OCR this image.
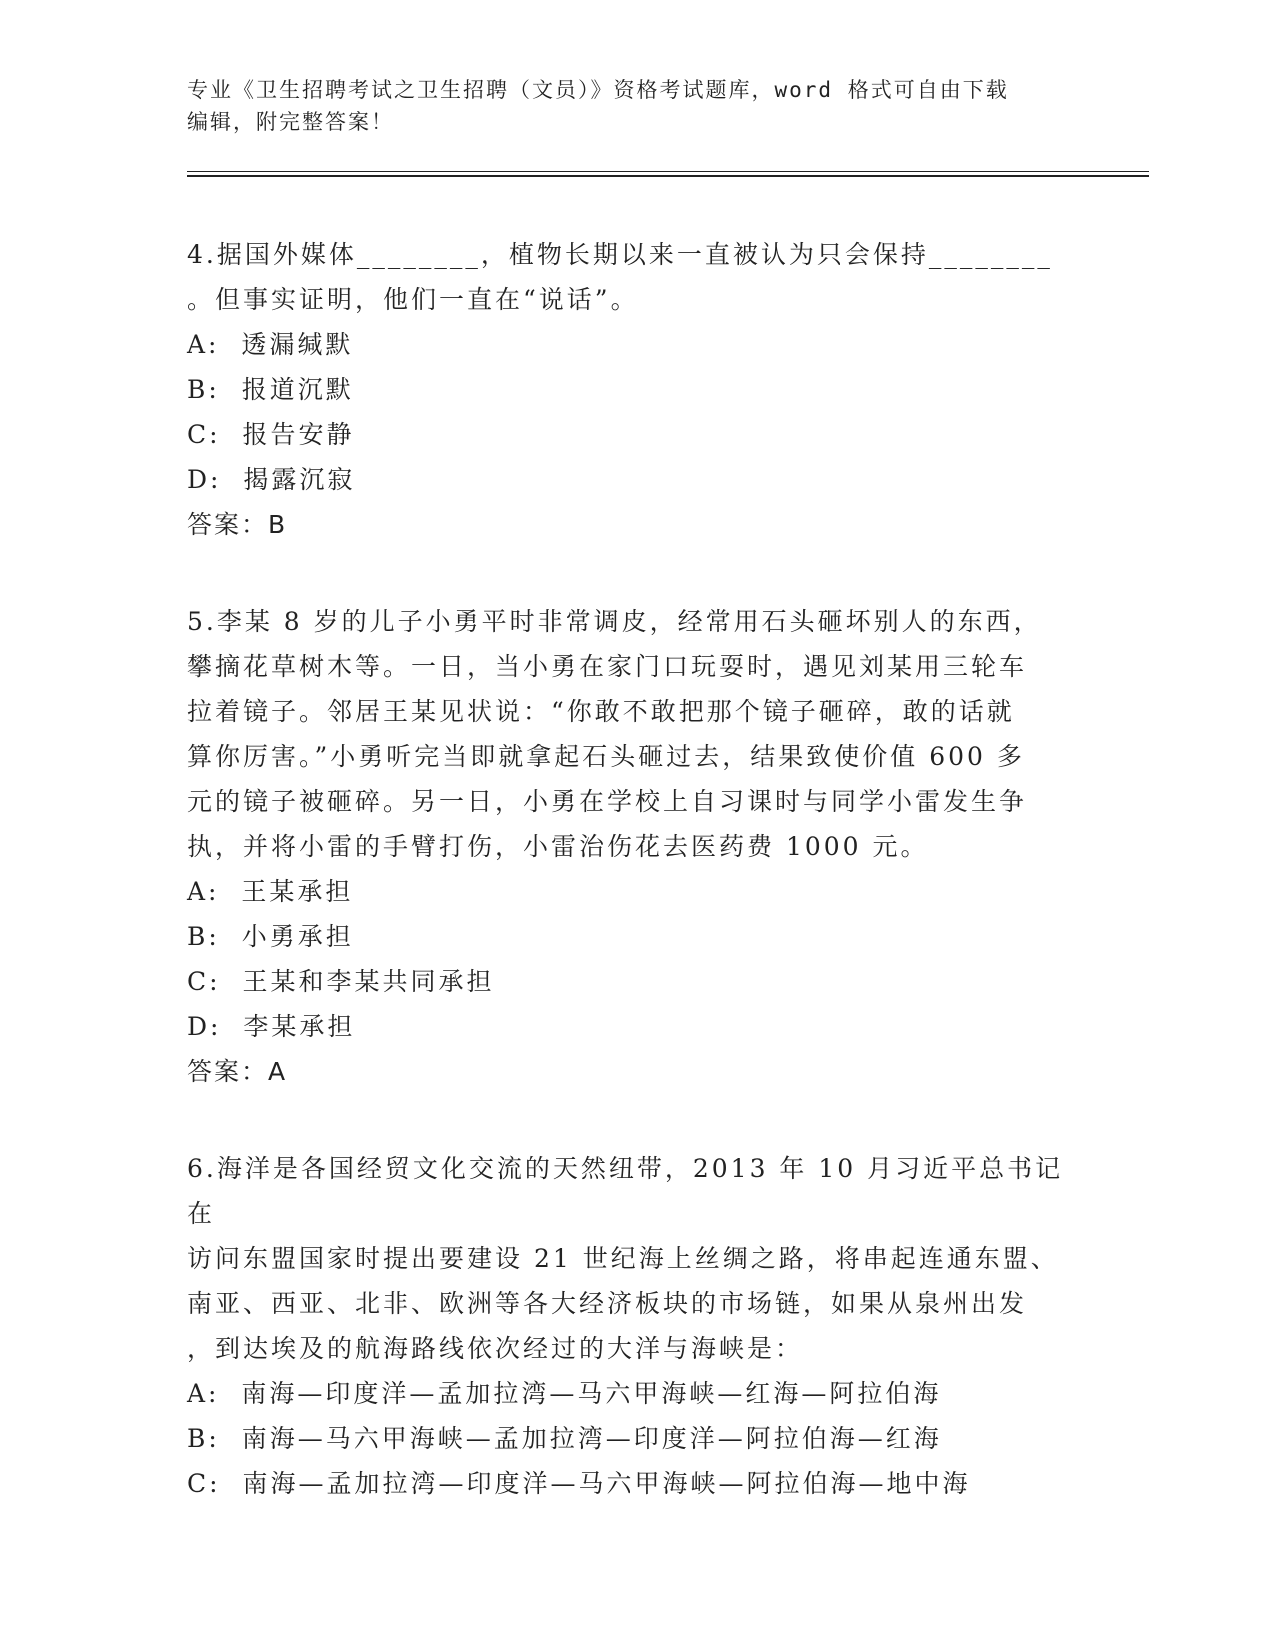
专业《卫生招聘考试之卫生招聘（文员）》资格考试题库，word 格式可自由下载
编辑，附完整答案！

4.据国外媒体________，植物长期以来一直被认为只会保持________

。但事实证明，他们一直在“说话”。

A:  透漏缄默

B:  报道沉默

C:  报告安静

D:  揭露沉寂

答案：B

5.李某 8 岁的儿子小勇平时非常调皮，经常用石头砸坏别人的东西，

攀摘花草树木等。一日，当小勇在家门口玩耍时，遇见刘某用三轮车

拉着镜子。邻居王某见状说：“你敢不敢把那个镜子砸碎，敢的话就

算你厉害。”小勇听完当即就拿起石头砸过去，结果致使价值 600 多

元的镜子被砸碎。另一日，小勇在学校上自习课时与同学小雷发生争

执，并将小雷的手臂打伤，小雷治伤花去医药费 1000 元。

A:  王某承担

B:  小勇承担

C:  王某和李某共同承担

D:  李某承担

答案：A

6.海洋是各国经贸文化交流的天然纽带，2013 年 10 月习近平总书记在

访问东盟国家时提出要建设 21 世纪海上丝绸之路，将串起连通东盟、

南亚、西亚、北非、欧洲等各大经济板块的市场链，如果从泉州出发

，到达埃及的航海路线依次经过的大洋与海峡是：

A:  南海—印度洋—孟加拉湾—马六甲海峡—红海—阿拉伯海

B:  南海—马六甲海峡—孟加拉湾—印度洋—阿拉伯海—红海

C:  南海—孟加拉湾—印度洋—马六甲海峡—阿拉伯海—地中海
